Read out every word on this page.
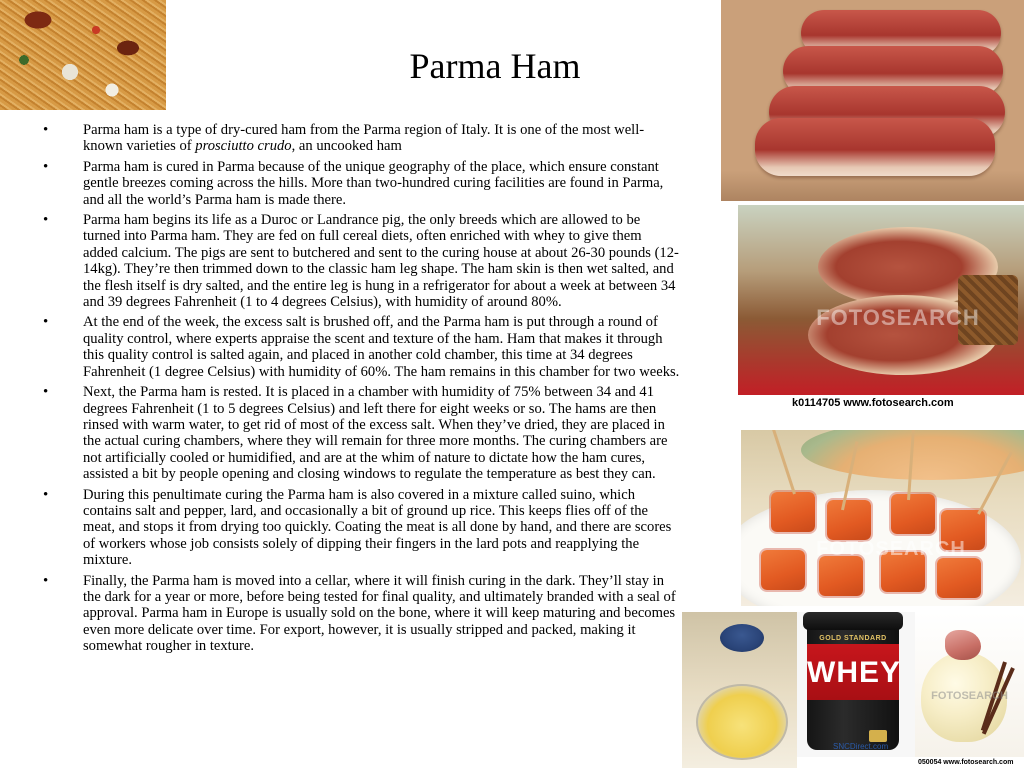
FOTOSEARCH
k0114705 www.fotosearch.com
FOTOSEARCH
GOLD STANDARD
WHEY
SNCDirect.com
FOTOSEARCH
050054 www.fotosearch.com
Parma Ham
• Parma ham is a type of dry-cured ham from the Parma region of Italy. It is one of the most well-known varieties of prosciutto crudo, an uncooked ham
• Parma ham is cured in Parma because of the unique geography of the place, which ensure constant gentle breezes coming across the hills. More than two-hundred curing facilities are found in Parma, and all the world’s Parma ham is made there.
• Parma ham begins its life as a Duroc or Landrance pig, the only breeds which are allowed to be turned into Parma ham. They are fed on full cereal diets, often enriched with whey to give them added calcium. The pigs are sent to butchered and sent to the curing house at about 26-30 pounds (12-14kg). They’re then trimmed down to the classic ham leg shape. The ham skin is then wet salted, and the flesh itself is dry salted, and the entire leg is hung in a refrigerator for about a week at between 34 and 39 degrees Fahrenheit (1 to 4 degrees Celsius), with humidity of around 80%.
• At the end of the week, the excess salt is brushed off, and the Parma ham is put through a round of quality control, where experts appraise the scent and texture of the ham. Ham that makes it through this quality control is salted again, and placed in another cold chamber, this time at 34 degrees Fahrenheit (1 degree Celsius) with humidity of 60%. The ham remains in this chamber for two weeks.
• Next, the Parma ham is rested. It is placed in a chamber with humidity of 75% between 34 and 41 degrees Fahrenheit (1 to 5 degrees Celsius) and left there for eight weeks or so. The hams are then rinsed with warm water, to get rid of most of the excess salt. When they’ve dried, they are placed in the actual curing chambers, where they will remain for three more months. The curing chambers are not artificially cooled or humidified, and are at the whim of nature to dictate how the ham cures, assisted a bit by people opening and closing windows to regulate the temperature as best they can.
• During this penultimate curing the Parma ham is also covered in a mixture called suino, which contains salt and pepper, lard, and occasionally a bit of ground up rice. This keeps flies off of the meat, and stops it from drying too quickly. Coating the meat is all done by hand, and there are scores of workers whose job consists solely of dipping their fingers in the lard pots and reapplying the mixture.
• Finally, the Parma ham is moved into a cellar, where it will finish curing in the dark. They’ll stay in the dark for a year or more, before being tested for final quality, and ultimately branded with a seal of approval. Parma ham in Europe is usually sold on the bone, where it will keep maturing and becomes even more delicate over time. For export, however, it is usually stripped and packed, making it somewhat rougher in texture.
